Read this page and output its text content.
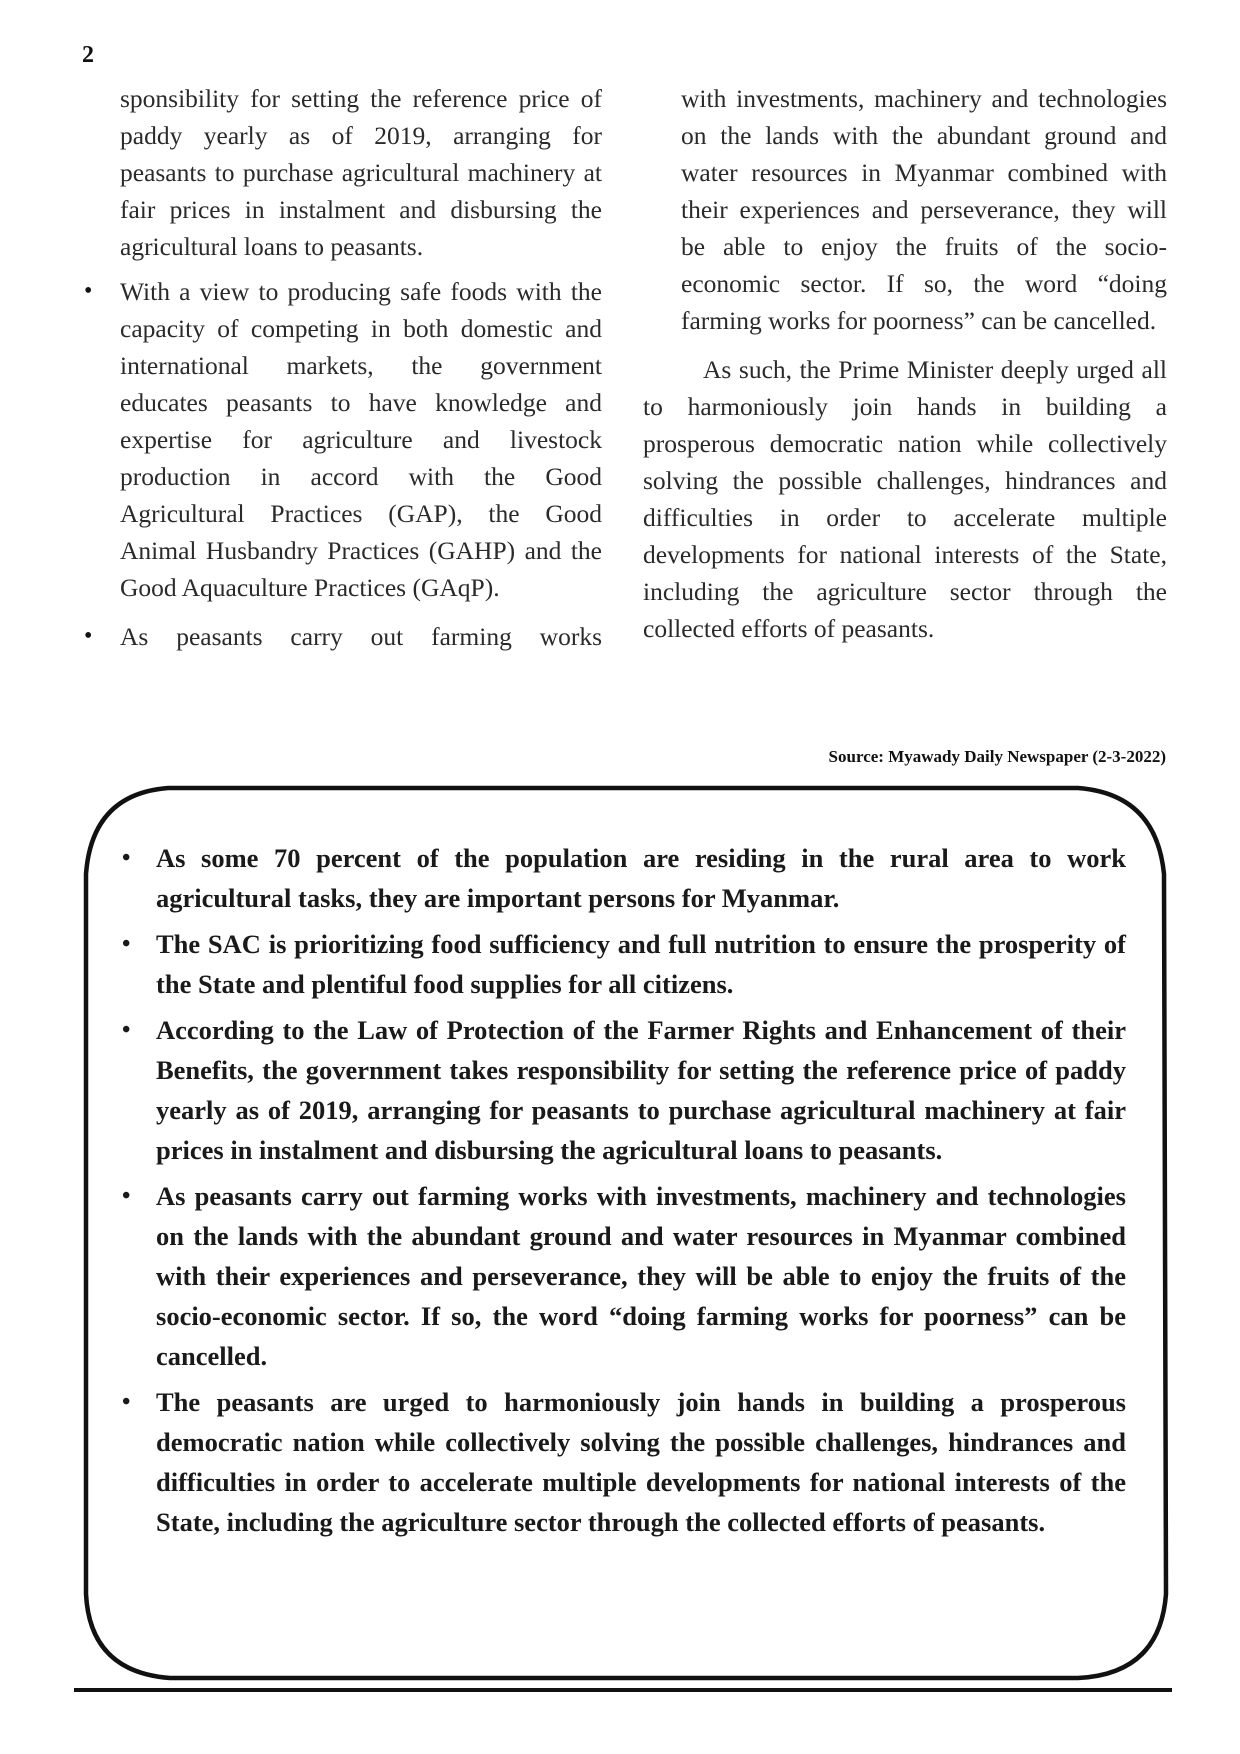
2

sponsibility for setting the reference price of paddy yearly as of 2019, arranging for peasants to purchase agricultural machinery at fair prices in instalment and disbursing the agricultural loans to peasants.

• With a view to producing safe foods with the capacity of competing in both domestic and international markets, the government educates peasants to have knowledge and expertise for agriculture and livestock production in accord with the Good Agricultural Practices (GAP), the Good Animal Husbandry Practices (GAHP) and the Good Aquaculture Practices (GAqP).
• As peasants carry out farming works

with investments, machinery and technologies on the lands with the abundant ground and water resources in Myanmar combined with their experiences and perseverance, they will be able to enjoy the fruits of the socio-economic sector. If so, the word “doing farming works for poorness” can be cancelled.

As such, the Prime Minister deeply urged all to harmoniously join hands in building a prosperous democratic nation while collectively solving the possible challenges, hindrances and difficulties in order to accelerate multiple developments for national interests of the State, including the agriculture sector through the collected efforts of peasants.

Source: Myawady Daily Newspaper (2-3-2022)
• As some 70 percent of the population are residing in the rural area to work agricultural tasks, they are important persons for Myanmar.
• The SAC is prioritizing food sufficiency and full nutrition to ensure the prosperity of the State and plentiful food supplies for all citizens.
• According to the Law of Protection of the Farmer Rights and Enhancement of their Benefits, the government takes responsibility for setting the reference price of paddy yearly as of 2019, arranging for peasants to purchase agricultural machinery at fair prices in instalment and disbursing the agricultural loans to peasants.
• As peasants carry out farming works with investments, machinery and technologies on the lands with the abundant ground and water resources in Myanmar combined with their experiences and perseverance, they will be able to enjoy the fruits of the socio-economic sector. If so, the word “doing farming works for poorness” can be cancelled.
• The peasants are urged to harmoniously join hands in building a prosperous democratic nation while collectively solving the possible challenges, hindrances and difficulties in order to accelerate multiple developments for national interests of the State, including the agriculture sector through the collected efforts of peasants.
